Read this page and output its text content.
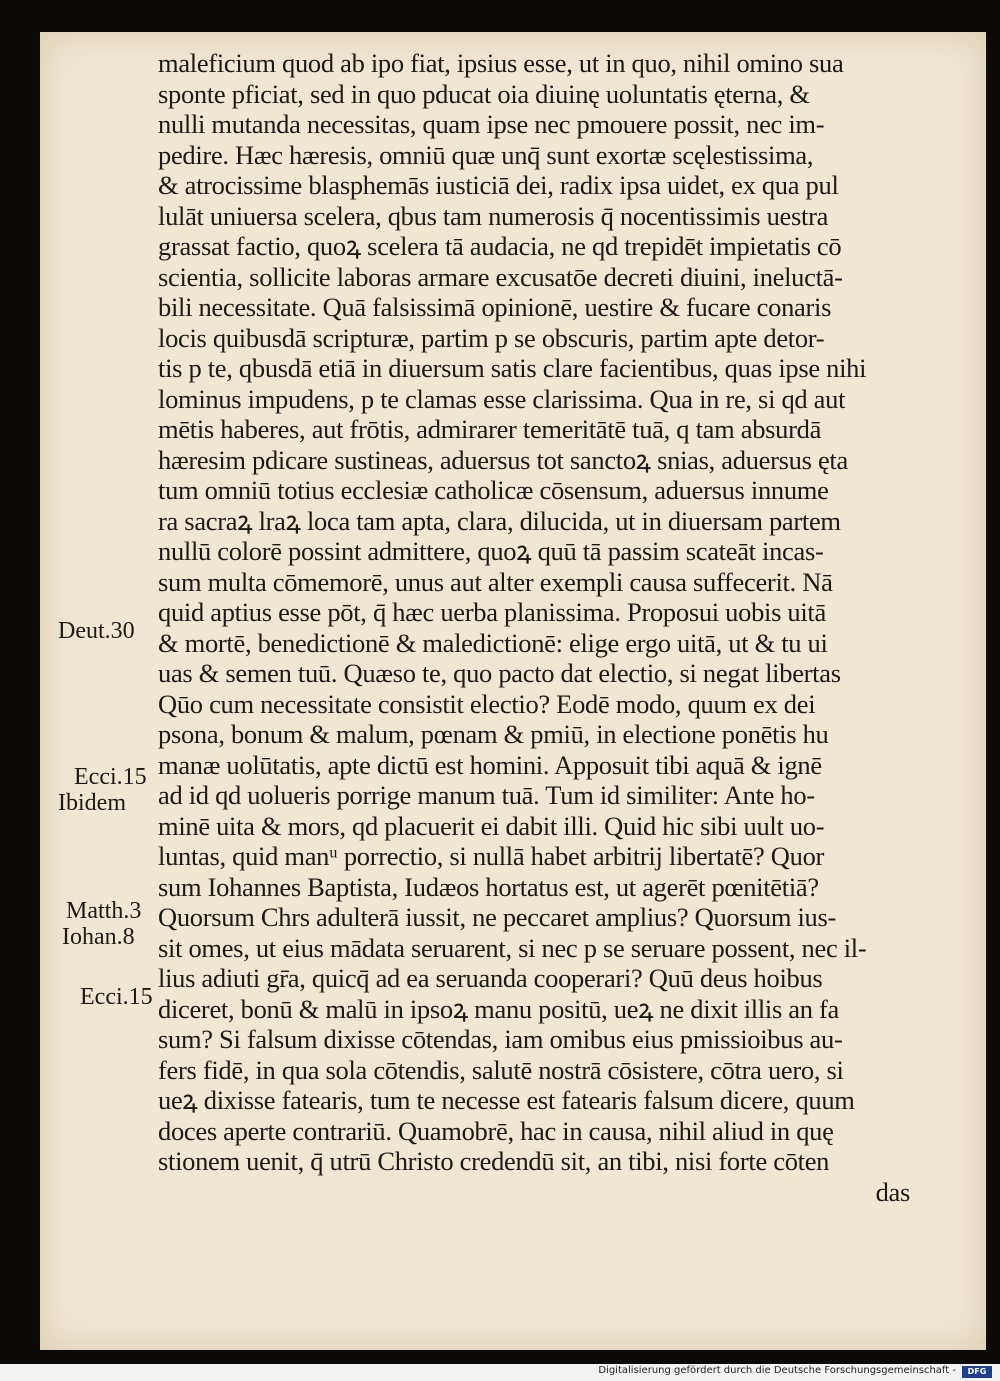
maleficium quod ab ipo fiat, ipsius esse, ut in quo, nihil omino sua
sponte pficiat, sed in quo pducat oia diuinę uoluntatis ęterna, &
nulli mutanda necessitas, quam ipse nec pmouere possit, nec im-
pedire. Hæc hæresis, omniū quæ unq̄ sunt exortæ scęlestissima,
& atrocissime blasphemās iusticiā dei, radix ipsa uidet, ex qua pul
lulāt uniuersa scelera, qbus tam numerosis q̄ nocentissimis uestra
grassat factio, quoꝝ scelera tā audacia, ne qd trepidēt impietatis cō
scientia, sollicite laboras armare excusatōe decreti diuini, ineluctā-
bili necessitate. Quā falsissimā opinionē, uestire & fucare conaris
locis quibusdā scripturæ, partim p se obscuris, partim apte detor-
tis p te, qbusdā etiā in diuersum satis clare facientibus, quas ipse nihi
lominus impudens, p te clamas esse clarissima. Qua in re, si qd aut
mētis haberes, aut frōtis, admirarer temeritātē tuā, q tam absurdā
hæresim pdicare sustineas, aduersus tot sanctoꝝ snias, aduersus ęta
tum omniū totius ecclesiæ catholicæ cōsensum, aduersus innume
ra sacraꝝ lraꝝ loca tam apta, clara, dilucida, ut in diuersam partem
nullū colorē possint admittere, quoꝝ quū tā passim scateāt incas-
sum multa cōmemorē, unus aut alter exempli causa suffecerit. Nā
quid aptius esse pōt, q̄ hæc uerba planissima. Proposui uobis uitā
& mortē, benedictionē & maledictionē: elige ergo uitā, ut & tu ui
uas & semen tuū. Quæso te, quo pacto dat electio, si negat libertas
Qūo cum necessitate consistit electio? Eodē modo, quum ex dei
psona, bonum & malum, pœnam & pmiū, in electione ponētis hu
manæ uolūtatis, apte dictū est homini. Apposuit tibi aquā & ignē
ad id qd uolueris porrige manum tuā. Tum id similiter: Ante ho-
minē uita & mors, qd placuerit ei dabit illi. Quid hic sibi uult uo-
luntas, quid manᵘ porrectio, si nullā habet arbitrij libertatē? Quor
sum Iohannes Baptista, Iudæos hortatus est, ut agerēt pœnitētiā?
Quorsum Chrs adulterā iussit, ne peccaret amplius? Quorsum ius-
sit omes, ut eius mādata seruarent, si nec p se seruare possent, nec il-
lius adiuti gr̄a, quicq̄ ad ea seruanda cooperari? Quū deus hoibus
diceret, bonū & malū in ipsoꝝ manu positū, ueꝝ ne dixit illis an fa
sum? Si falsum dixisse cōtendas, iam omibus eius pmissioibus au-
fers fidē, in qua sola cōtendis, salutē nostrā cōsistere, cōtra uero, si
ueꝝ dixisse fatearis, tum te necesse est fatearis falsum dicere, quum
doces aperte contrariū. Quamobrē, hac in causa, nihil aliud in quę
stionem uenit, q̄ utrū Christo credendū sit, an tibi, nisi forte cōten
das
Deut.30
Ecci.15
Ibidem
Matth.3
Iohan.8
Ecci.15
Digitalisierung gefördert durch die Deutsche Forschungsgemeinschaft -	DFG
